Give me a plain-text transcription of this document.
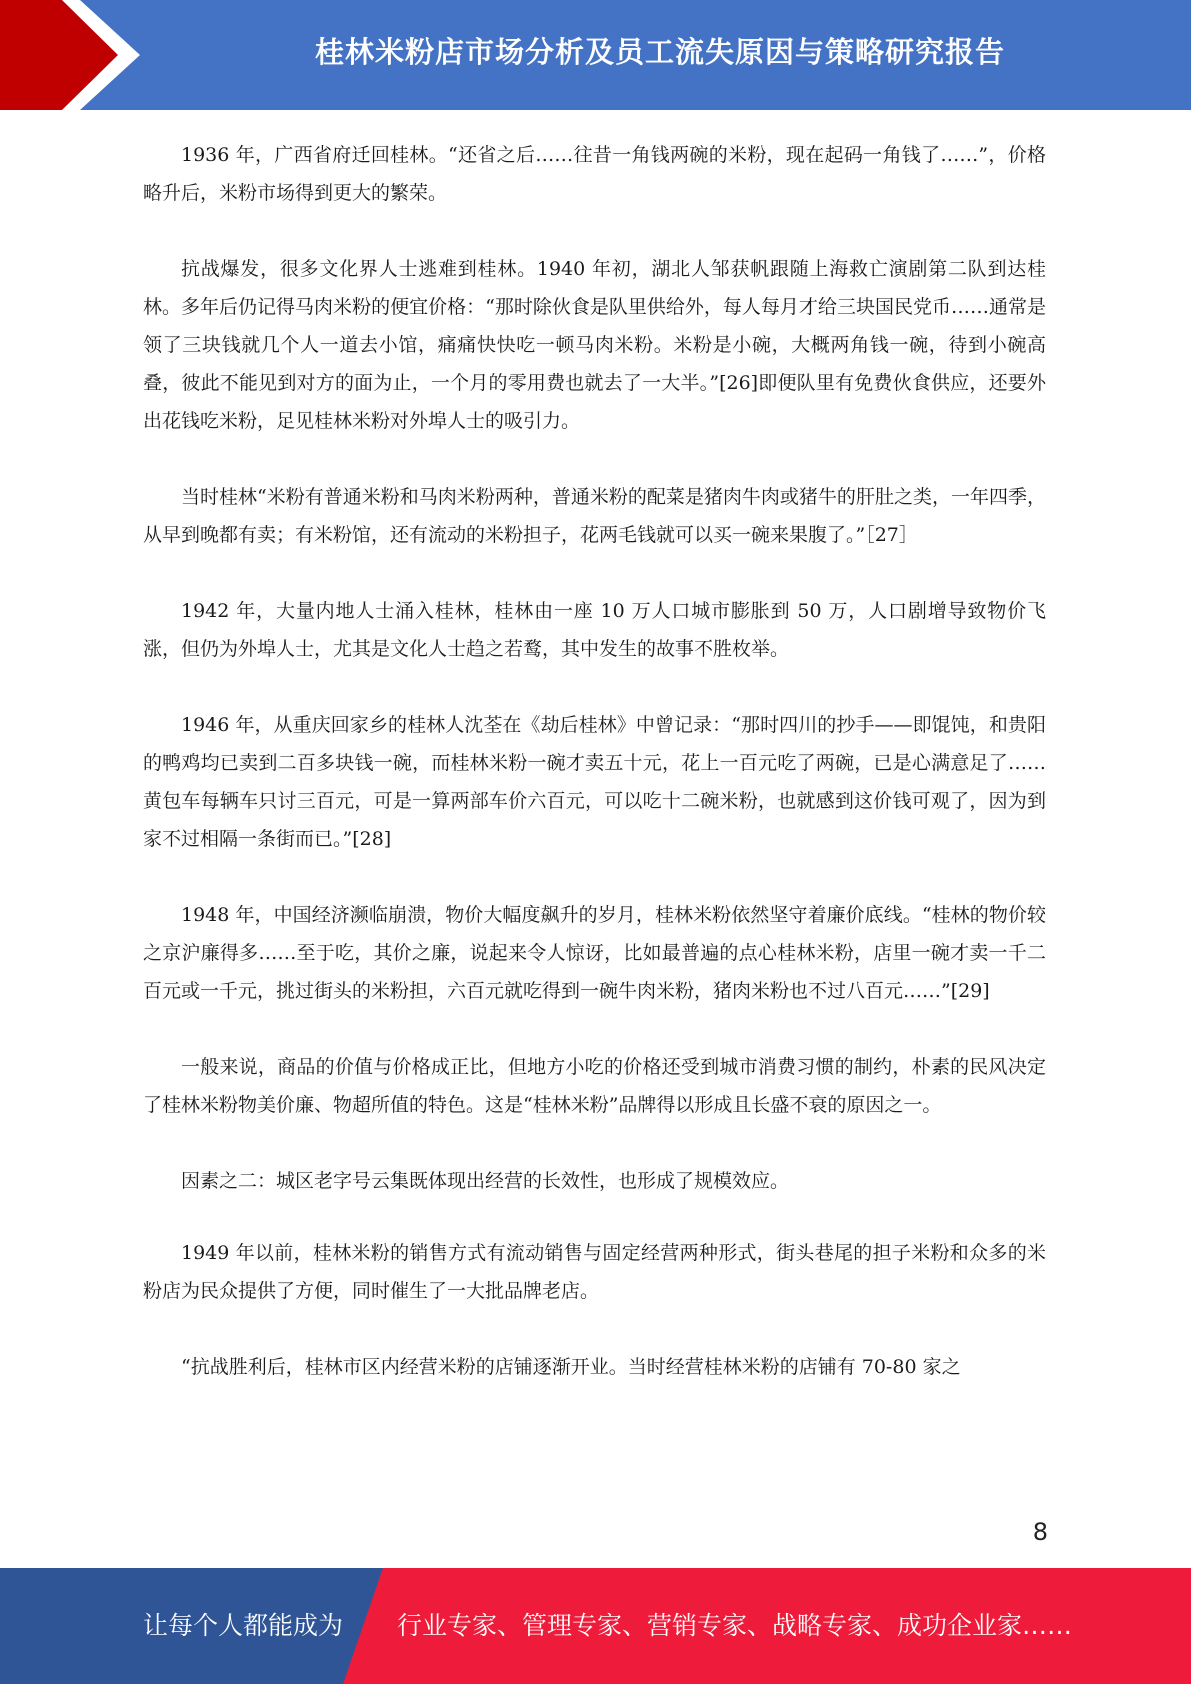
桂林米粉店市场分析及员工流失原因与策略研究报告

1936 年，广西省府迁回桂林。“还省之后……往昔一角钱两碗的米粉，现在起码一角钱了……”，价格略升后，米粉市场得到更大的繁荣。

抗战爆发，很多文化界人士逃难到桂林。1940 年初，湖北人邹获帆跟随上海救亡演剧第二队到达桂林。多年后仍记得马肉米粉的便宜价格：“那时除伙食是队里供给外，每人每月才给三块国民党币……通常是领了三块钱就几个人一道去小馆，痛痛快快吃一顿马肉米粉。米粉是小碗，大概两角钱一碗，待到小碗高叠，彼此不能见到对方的面为止，一个月的零用费也就去了一大半。”[26]即便队里有免费伙食供应，还要外出花钱吃米粉，足见桂林米粉对外埠人士的吸引力。

当时桂林“米粉有普通米粉和马肉米粉两种，普通米粉的配菜是猪肉牛肉或猪牛的肝肚之类，一年四季，从早到晚都有卖；有米粉馆，还有流动的米粉担子，花两毛钱就可以买一碗来果腹了。”［27］

1942 年，大量内地人士涌入桂林，桂林由一座 10 万人口城市膨胀到 50 万，人口剧增导致物价飞涨，但仍为外埠人士，尤其是文化人士趋之若鹜，其中发生的故事不胜枚举。

1946 年，从重庆回家乡的桂林人沈荃在《劫后桂林》中曾记录：“那时四川的抄手——即馄饨，和贵阳的鸭鸡均已卖到二百多块钱一碗，而桂林米粉一碗才卖五十元，花上一百元吃了两碗，已是心满意足了……黄包车每辆车只讨三百元，可是一算两部车价六百元，可以吃十二碗米粉，也就感到这价钱可观了，因为到家不过相隔一条街而已。”[28]

1948 年，中国经济濒临崩溃，物价大幅度飙升的岁月，桂林米粉依然坚守着廉价底线。“桂林的物价较之京沪廉得多……至于吃，其价之廉，说起来令人惊讶，比如最普遍的点心桂林米粉，店里一碗才卖一千二百元或一千元，挑过街头的米粉担，六百元就吃得到一碗牛肉米粉，猪肉米粉也不过八百元……”[29]

一般来说，商品的价值与价格成正比，但地方小吃的价格还受到城市消费习惯的制约，朴素的民风决定了桂林米粉物美价廉、物超所值的特色。这是“桂林米粉”品牌得以形成且长盛不衰的原因之一。

因素之二：城区老字号云集既体现出经营的长效性，也形成了规模效应。

1949 年以前，桂林米粉的销售方式有流动销售与固定经营两种形式，街头巷尾的担子米粉和众多的米粉店为民众提供了方便，同时催生了一大批品牌老店。

“抗战胜利后，桂林市区内经营米粉的店铺逐渐开业。当时经营桂林米粉的店铺有 70-80 家之

8
让每个人都能成为 行业专家、管理专家、营销专家、战略专家、成功企业家……
